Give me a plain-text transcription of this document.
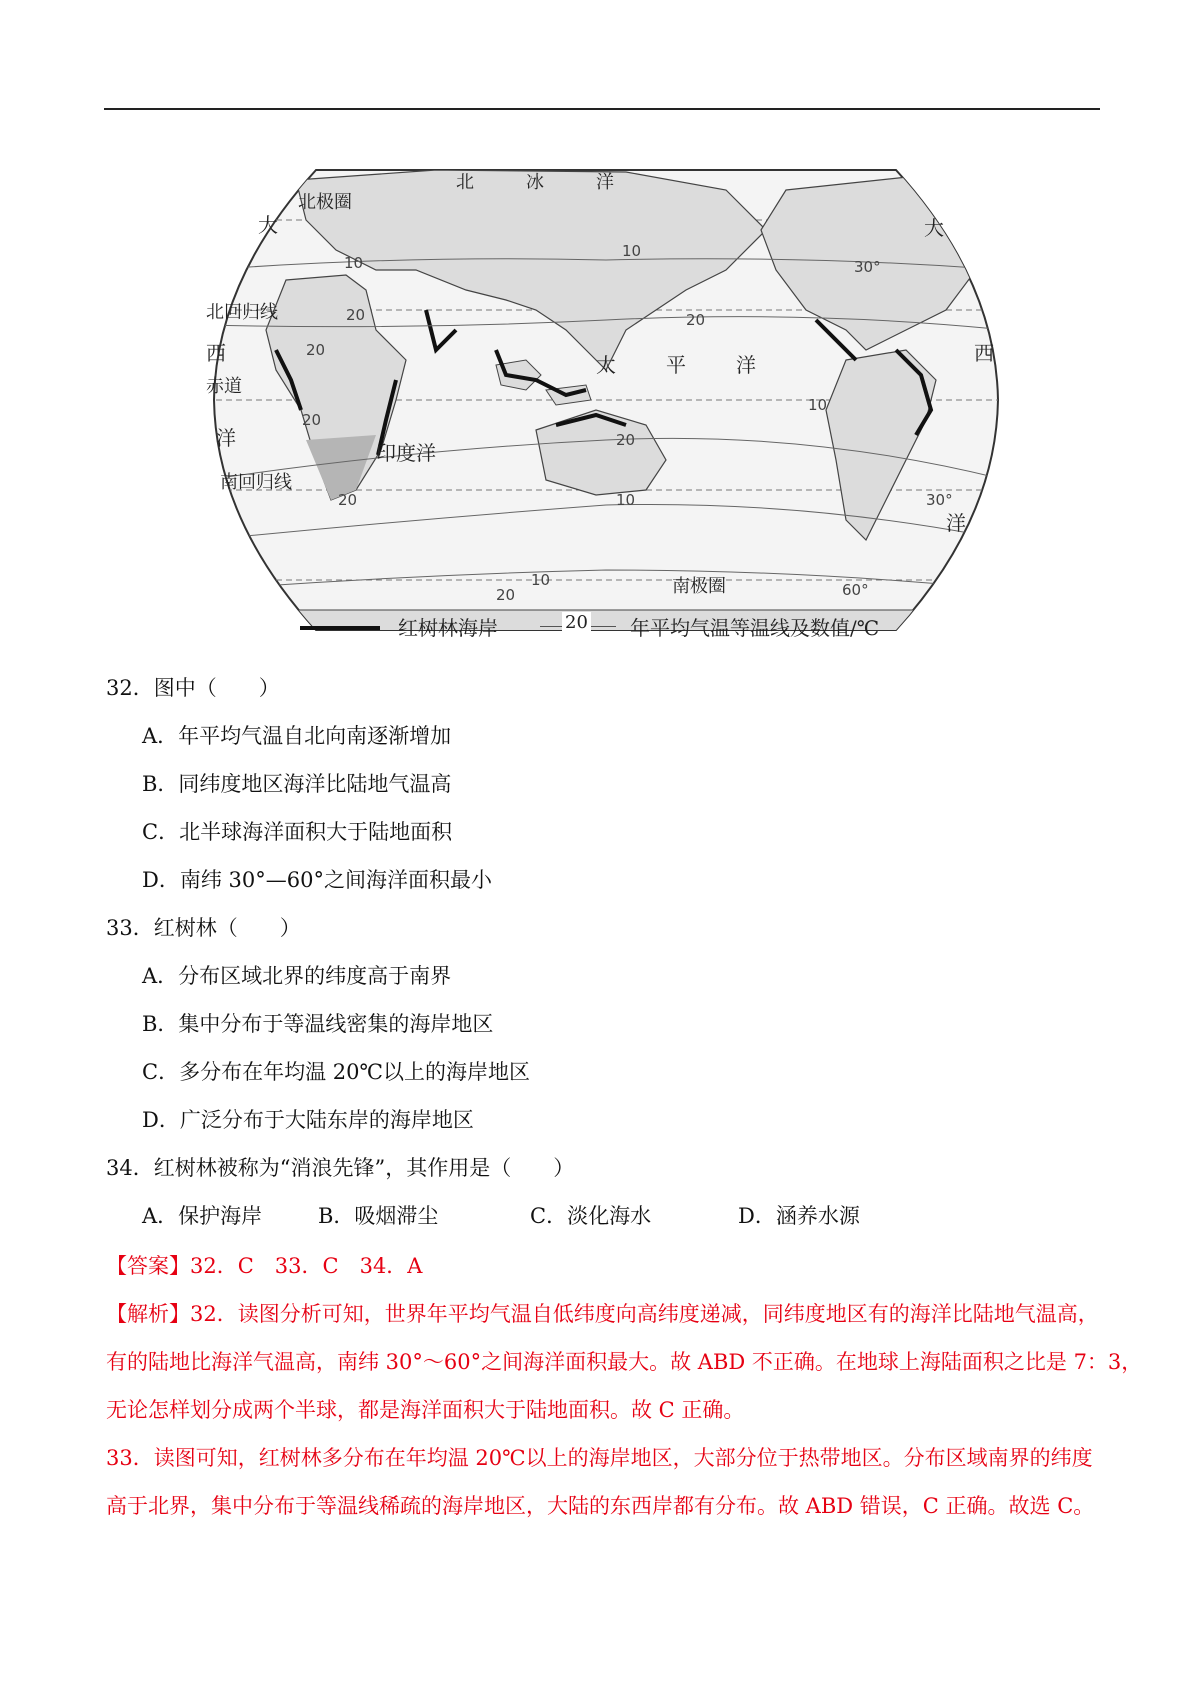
北极圈
北	冰	洋
北回归线
赤道
南回归线
南极圈
大
西
洋
大
西
洋
印度洋
太	平	洋
10
10
20
20
20
20
20
20	10
10
10
20
30°
30°
60°
红树林海岸	20 年平均气温等温线及数值/℃
32．图中（　　）
A．年平均气温自北向南逐渐增加
B．同纬度地区海洋比陆地气温高
C．北半球海洋面积大于陆地面积
D．南纬 30°—60°之间海洋面积最小
33．红树林（　　）
A．分布区域北界的纬度高于南界
B．集中分布于等温线密集的海岸地区
C．多分布在年均温 20℃以上的海岸地区
D．广泛分布于大陆东岸的海岸地区
34．红树林被称为“消浪先锋”，其作用是（　　）
A．保护海岸	B．吸烟滞尘	C．淡化海水	D．涵养水源
【答案】32．C　33．C　34．A
【解析】32．读图分析可知，世界年平均气温自低纬度向高纬度递减，同纬度地区有的海洋比陆地气温高，
有的陆地比海洋气温高，南纬 30°～60°之间海洋面积最大。故 ABD 不正确。在地球上海陆面积之比是 7：3，
无论怎样划分成两个半球，都是海洋面积大于陆地面积。故 C 正确。
33．读图可知，红树林多分布在年均温 20℃以上的海岸地区，大部分位于热带地区。分布区域南界的纬度
高于北界，集中分布于等温线稀疏的海岸地区，大陆的东西岸都有分布。故 ABD 错误，C 正确。故选 C。
